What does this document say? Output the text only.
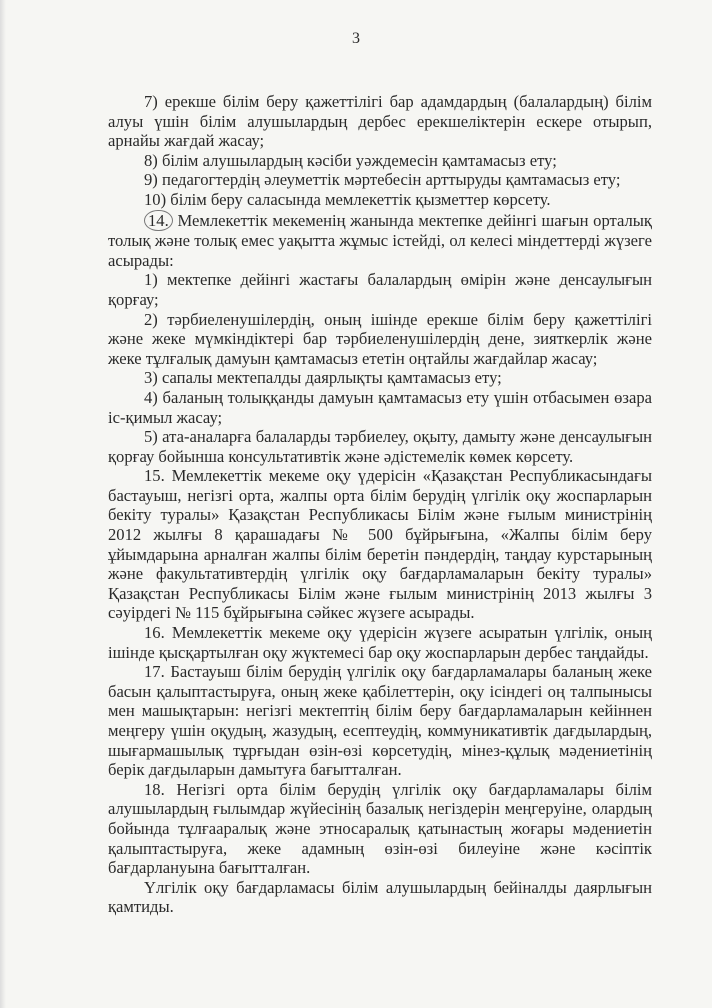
3

7) ерекше білім беру қажеттілігі бар адамдардың (балалардың) білім алуы үшін білім алушылардың дербес ерекшеліктерін ескере отырып, арнайы жағдай жасау;

8) білім алушылардың кәсіби уәждемесін қамтамасыз ету;

9) педагогтердің әлеуметтік мәртебесін арттыруды қамтамасыз ету;

10) білім беру саласында мемлекеттік қызметтер көрсету.

14. Мемлекеттік мекеменің жанында мектепке дейінгі шағын орталық толық және толық емес уақытта жұмыс істейді, ол келесі міндеттерді жүзеге асырады:

1) мектепке дейінгі жастағы балалардың өмірін және денсаулығын қорғау;

2) тәрбиеленушілердің, оның ішінде ерекше білім беру қажеттілігі және жеке мүмкіндіктері бар тәрбиеленушілердің дене, зияткерлік және жеке тұлғалық дамуын қамтамасыз ететін оңтайлы жағдайлар жасау;

3) сапалы мектепалды даярлықты қамтамасыз ету;

4) баланың толыққанды дамуын қамтамасыз ету үшін отбасымен өзара іс-қимыл жасау;

5) ата-аналарға балаларды тәрбиелеу, оқыту, дамыту және денсаулығын қорғау бойынша консультативтік және әдістемелік көмек көрсету.

15. Мемлекеттік мекеме оқу үдерісін «Қазақстан Республикасындағы бастауыш, негізгі орта, жалпы орта білім берудің үлгілік оқу жоспарларын бекіту туралы» Қазақстан Республикасы Білім және ғылым министрінің 2012 жылғы 8 қарашадағы № 500 бұйрығына, «Жалпы білім беру ұйымдарына арналған жалпы білім беретін пәндердің, таңдау курстарының және факультативтердің үлгілік оқу бағдарламаларын бекіту туралы» Қазақстан Республикасы Білім және ғылым министрінің 2013 жылғы 3 сәуірдегі № 115 бұйрығына сәйкес жүзеге асырады.

16. Мемлекеттік мекеме оқу үдерісін жүзеге асыратын үлгілік, оның ішінде қысқартылған оқу жүктемесі бар оқу жоспарларын дербес таңдайды.

17. Бастауыш білім берудің үлгілік оқу бағдарламалары баланың жеке басын қалыптастыруға, оның жеке қабілеттерін, оқу ісіндегі оң талпынысы мен машықтарын: негізгі мектептің білім беру бағдарламаларын кейіннен меңгеру үшін оқудың, жазудың, есептеудің, коммуникативтік дағдылардың, шығармашылық тұрғыдан өзін-өзі көрсетудің, мінез-құлық мәдениетінің берік дағдыларын дамытуға бағытталған.

18. Негізгі орта білім берудің үлгілік оқу бағдарламалары білім алушылардың ғылымдар жүйесінің базалық негіздерін меңгеруіне, олардың бойында тұлғааралық және этносаралық қатынастың жоғары мәдениетін қалыптастыруға, жеке адамның өзін-өзі билеуіне және кәсіптік бағдарлануына бағытталған.

Үлгілік оқу бағдарламасы білім алушылардың бейіналды даярлығын қамтиды.
